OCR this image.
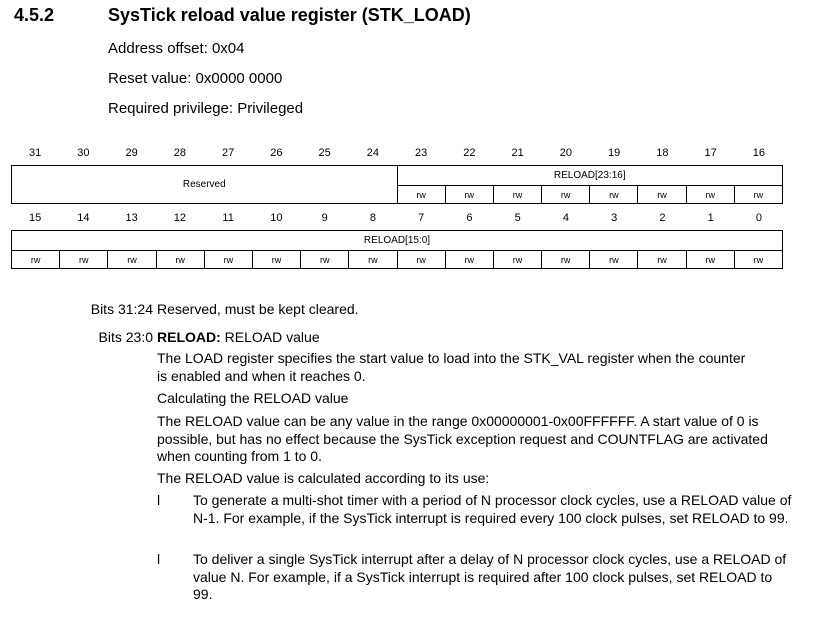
4.5.2	SysTick reload value register (STK_LOAD)
Address offset: 0x04
Reset value: 0x0000 0000
Required privilege: Privileged
31	30	29	28	27	26	25	24	23	22	21	20	19	18	17	16
Reserved	RELOAD[23:16]							
	rw	rw	rw	rw	rw	rw	rw	rw
15	14	13	12	11	10	9	8	7	6	5	4	3	2	1	0
RELOAD[15:0]
rw	rw	rw	rw	rw	rw	rw	rw	rw	rw	rw	rw	rw	rw	rw	rw
Bits 31:24 Reserved, must be kept cleared.
Bits 23:0 RELOAD: RELOAD value
The LOAD register specifies the start value to load into the STK_VAL register when the counter is enabled and when it reaches 0.
Calculating the RELOAD value
The RELOAD value can be any value in the range 0x00000001-0x00FFFFFF. A start value of 0 is possible, but has no effect because the SysTick exception request and COUNTFLAG are activated when counting from 1 to 0.
The RELOAD value is calculated according to its use:
l To generate a multi-shot timer with a period of N processor clock cycles, use a RELOAD value of N-1. For example, if the SysTick interrupt is required every 100 clock pulses, set RELOAD to 99.
l To deliver a single SysTick interrupt after a delay of N processor clock cycles, use a RELOAD of value N. For example, if a SysTick interrupt is required after 100 clock pulses, set RELOAD to 99.
